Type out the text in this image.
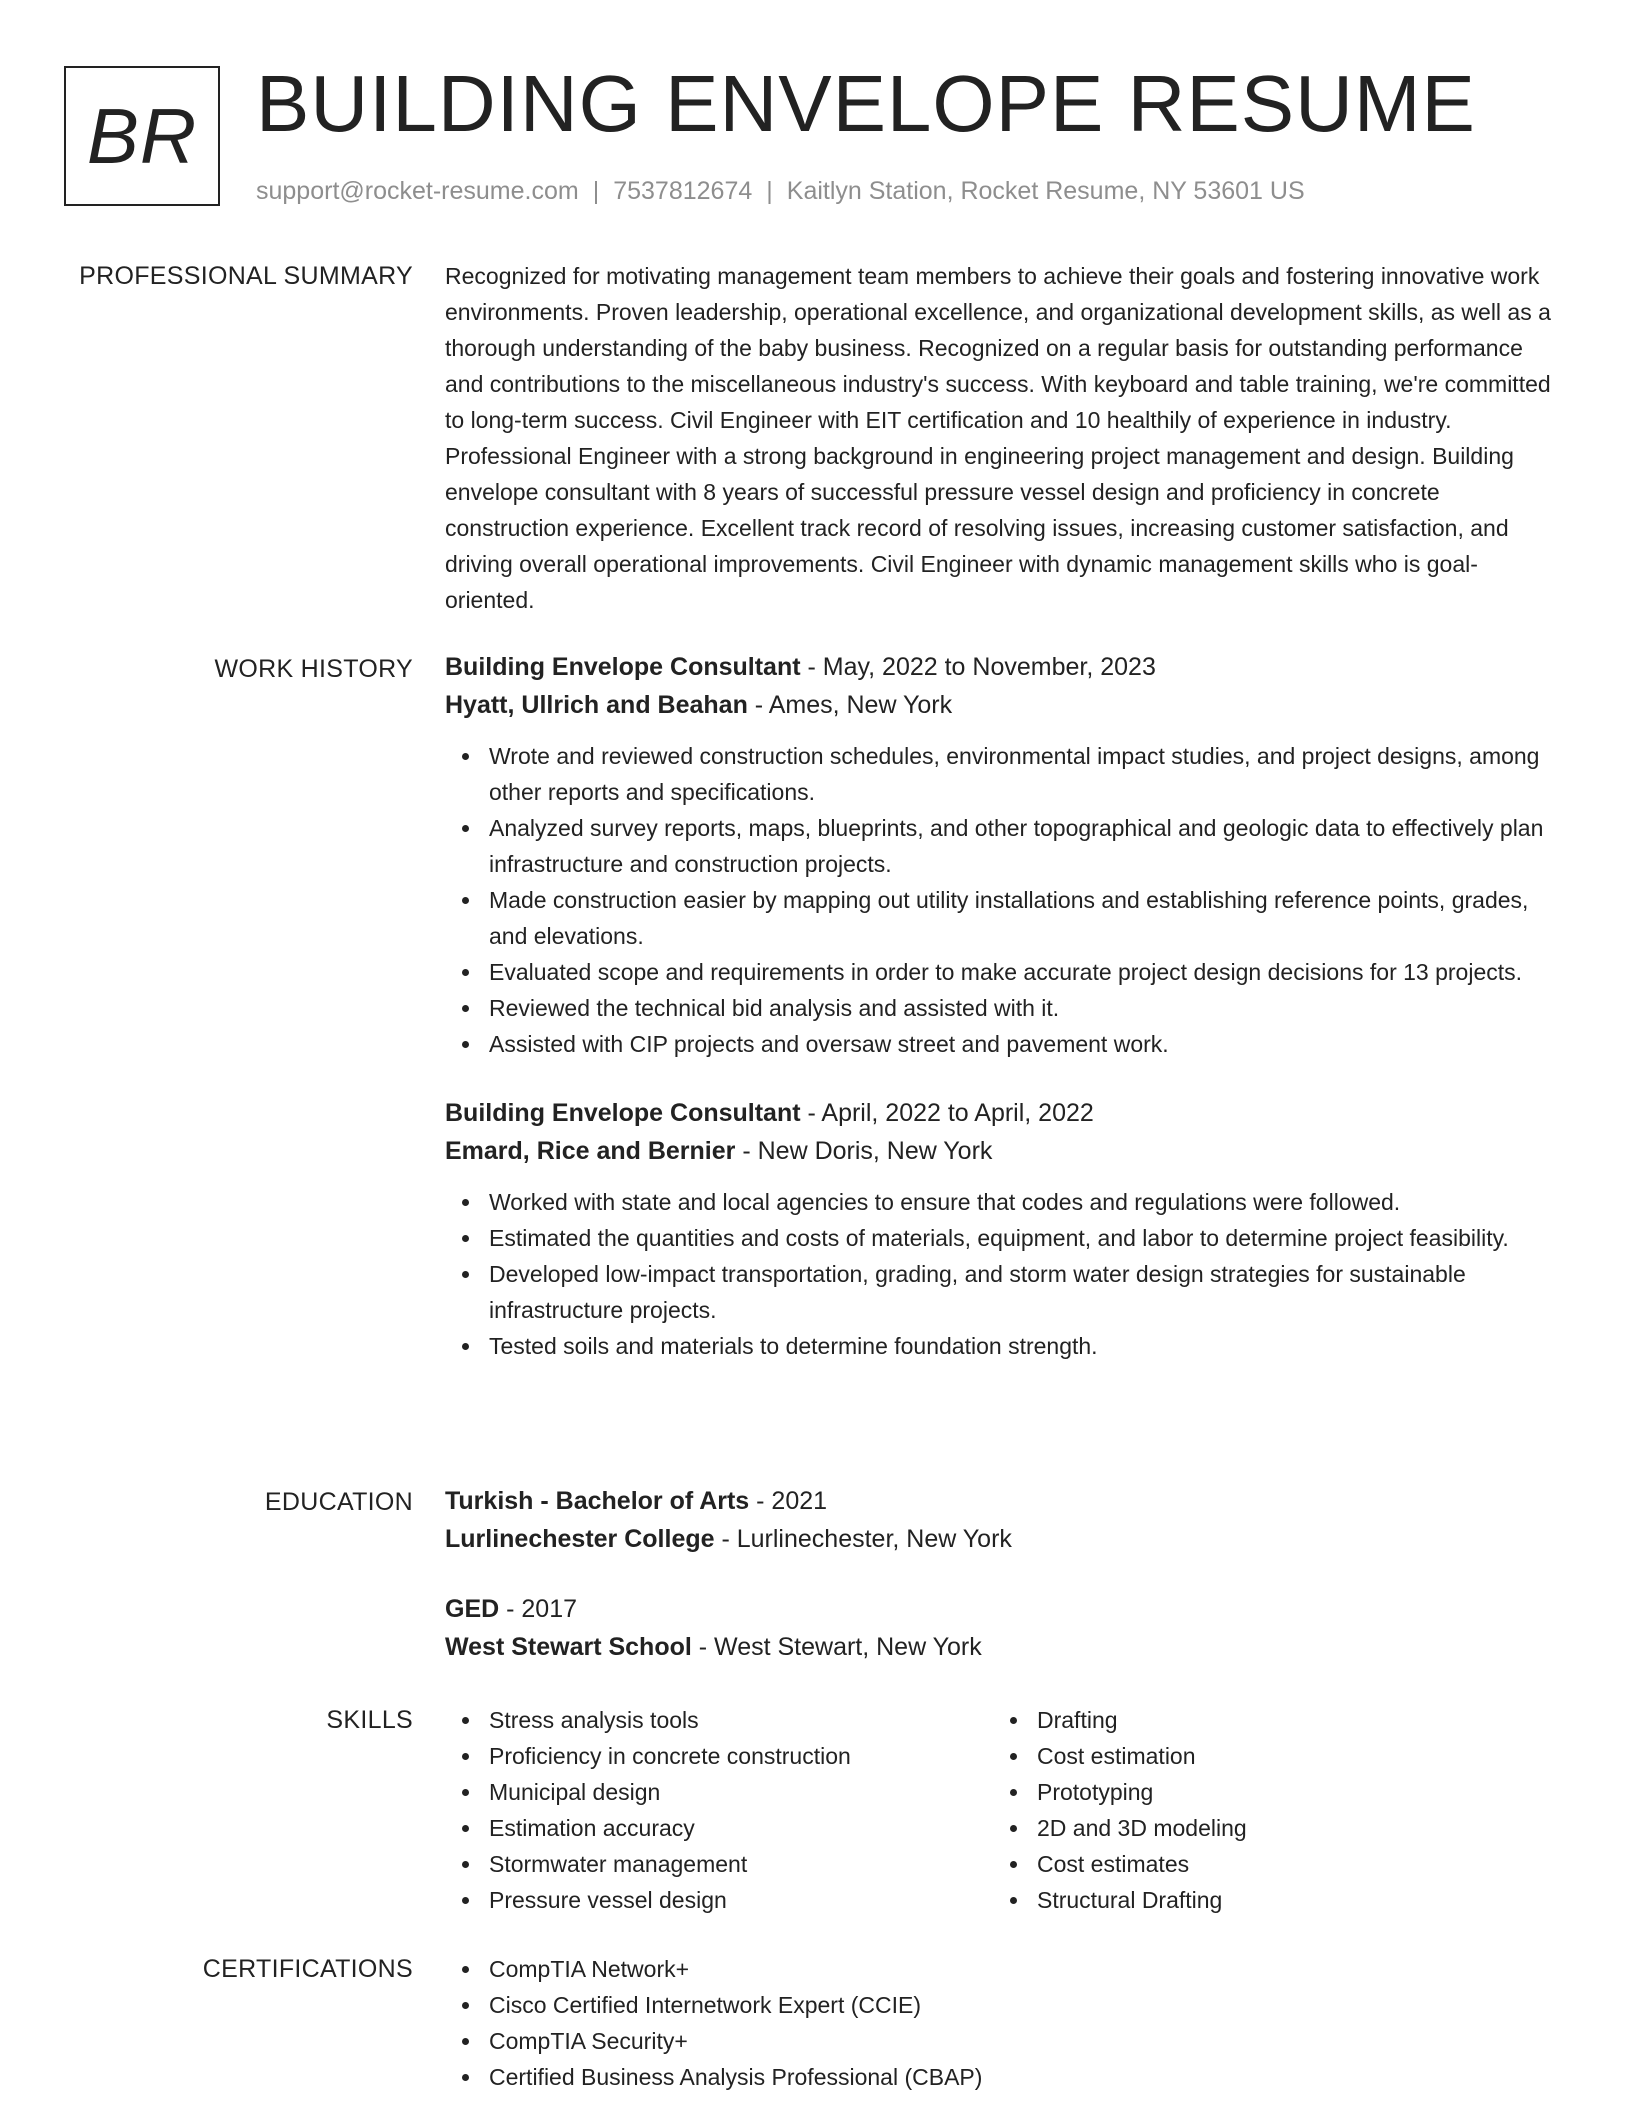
BR BUILDING ENVELOPE RESUME
support@rocket-resume.com | 7537812674 | Kaitlyn Station, Rocket Resume, NY 53601 US
PROFESSIONAL SUMMARY Recognized for motivating management team members to achieve their goals and fostering innovative work environments. Proven leadership, operational excellence, and organizational development skills, as well as a thorough understanding of the baby business. Recognized on a regular basis for outstanding performance and contributions to the miscellaneous industry's success. With keyboard and table training, we're committed to long-term success. Civil Engineer with EIT certification and 10 healthily of experience in industry. Professional Engineer with a strong background in engineering project management and design. Building envelope consultant with 8 years of successful pressure vessel design and proficiency in concrete construction experience. Excellent track record of resolving issues, increasing customer satisfaction, and driving overall operational improvements. Civil Engineer with dynamic management skills who is goal-oriented.

WORK HISTORY Building Envelope Consultant - May, 2022 to November, 2023
Hyatt, Ullrich and Beahan - Ames, New York
Wrote and reviewed construction schedules, environmental impact studies, and project designs, among other reports and specifications.
Analyzed survey reports, maps, blueprints, and other topographical and geologic data to effectively plan infrastructure and construction projects.
Made construction easier by mapping out utility installations and establishing reference points, grades, and elevations.
Evaluated scope and requirements in order to make accurate project design decisions for 13 projects.
Reviewed the technical bid analysis and assisted with it.
Assisted with CIP projects and oversaw street and pavement work.
Building Envelope Consultant - April, 2022 to April, 2022
Emard, Rice and Bernier - New Doris, New York
Worked with state and local agencies to ensure that codes and regulations were followed.
Estimated the quantities and costs of materials, equipment, and labor to determine project feasibility.
Developed low-impact transportation, grading, and storm water design strategies for sustainable infrastructure projects.
Tested soils and materials to determine foundation strength.
EDUCATION Turkish - Bachelor of Arts - 2021
Lurlinechester College - Lurlinechester, New York
GED - 2017
West Stewart School - West Stewart, New York
SKILLS	Stress analysis tools
Proficiency in concrete construction
Municipal design
Estimation accuracy
Stormwater management
Pressure vessel design
Drafting
Cost estimation
Prototyping
2D and 3D modeling
Cost estimates
Structural Drafting
CERTIFICATIONS	CompTIA Network+
Cisco Certified Internetwork Expert (CCIE)
CompTIA Security+
Certified Business Analysis Professional (CBAP)
